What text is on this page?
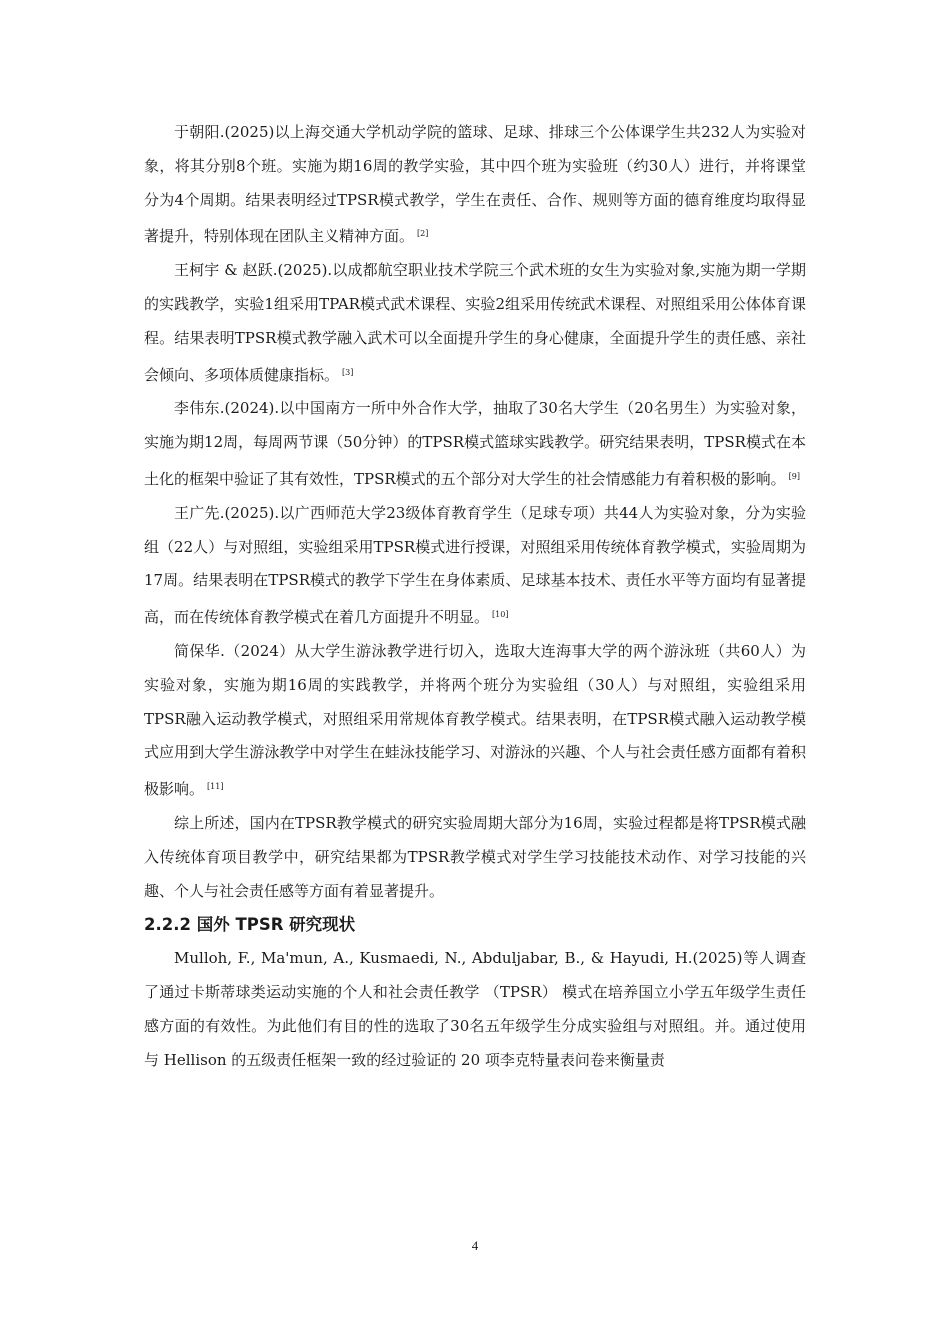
于朝阳.(2025)以上海交通大学机动学院的篮球、足球、排球三个公体课学生共232人为实验对象，将其分别8个班。实施为期16周的教学实验，其中四个班为实验班（约30人）进行，并将课堂分为4个周期。结果表明经过TPSR模式教学，学生在责任、合作、规则等方面的德育维度均取得显著提升，特别体现在团队主义精神方面。 [2]

王柯宇 & 赵跃.(2025).以成都航空职业技术学院三个武术班的女生为实验对象,实施为期一学期的实践教学，实验1组采用TPAR模式武术课程、实验2组采用传统武术课程、对照组采用公体体育课程。结果表明TPSR模式教学融入武术可以全面提升学生的身心健康，全面提升学生的责任感、亲社会倾向、多项体质健康指标。 [3]

李伟东.(2024).以中国南方一所中外合作大学，抽取了30名大学生（20名男生）为实验对象，实施为期12周，每周两节课（50分钟）的TPSR模式篮球实践教学。研究结果表明，TPSR模式在本土化的框架中验证了其有效性，TPSR模式的五个部分对大学生的社会情感能力有着积极的影响。 [9]

王广先.(2025).以广西师范大学23级体育教育学生（足球专项）共44人为实验对象，分为实验组（22人）与对照组，实验组采用TPSR模式进行授课，对照组采用传统体育教学模式，实验周期为17周。结果表明在TPSR模式的教学下学生在身体素质、足球基本技术、责任水平等方面均有显著提高，而在传统体育教学模式在着几方面提升不明显。 [10]

简保华.（2024）从大学生游泳教学进行切入，选取大连海事大学的两个游泳班（共60人）为实验对象，实施为期16周的实践教学，并将两个班分为实验组（30人）与对照组，实验组采用TPSR融入运动教学模式，对照组采用常规体育教学模式。结果表明，在TPSR模式融入运动教学模式应用到大学生游泳教学中对学生在蛙泳技能学习、对游泳的兴趣、个人与社会责任感方面都有着积极影响。 [11]

综上所述，国内在TPSR教学模式的研究实验周期大部分为16周，实验过程都是将TPSR模式融入传统体育项目教学中，研究结果都为TPSR教学模式对学生学习技能技术动作、对学习技能的兴趣、个人与社会责任感等方面有着显著提升。

2.2.2 国外 TPSR 研究现状

Mulloh, F., Ma'mun, A., Kusmaedi, N., Abduljabar, B., & Hayudi, H.(2025)等人调查了通过卡斯蒂球类运动实施的个人和社会责任教学 （TPSR） 模式在培养国立小学五年级学生责任感方面的有效性。为此他们有目的性的选取了30名五年级学生分成实验组与对照组。并。通过使用与 Hellison 的五级责任框架一致的经过验证的 20 项李克特量表问卷来衡量责

4
